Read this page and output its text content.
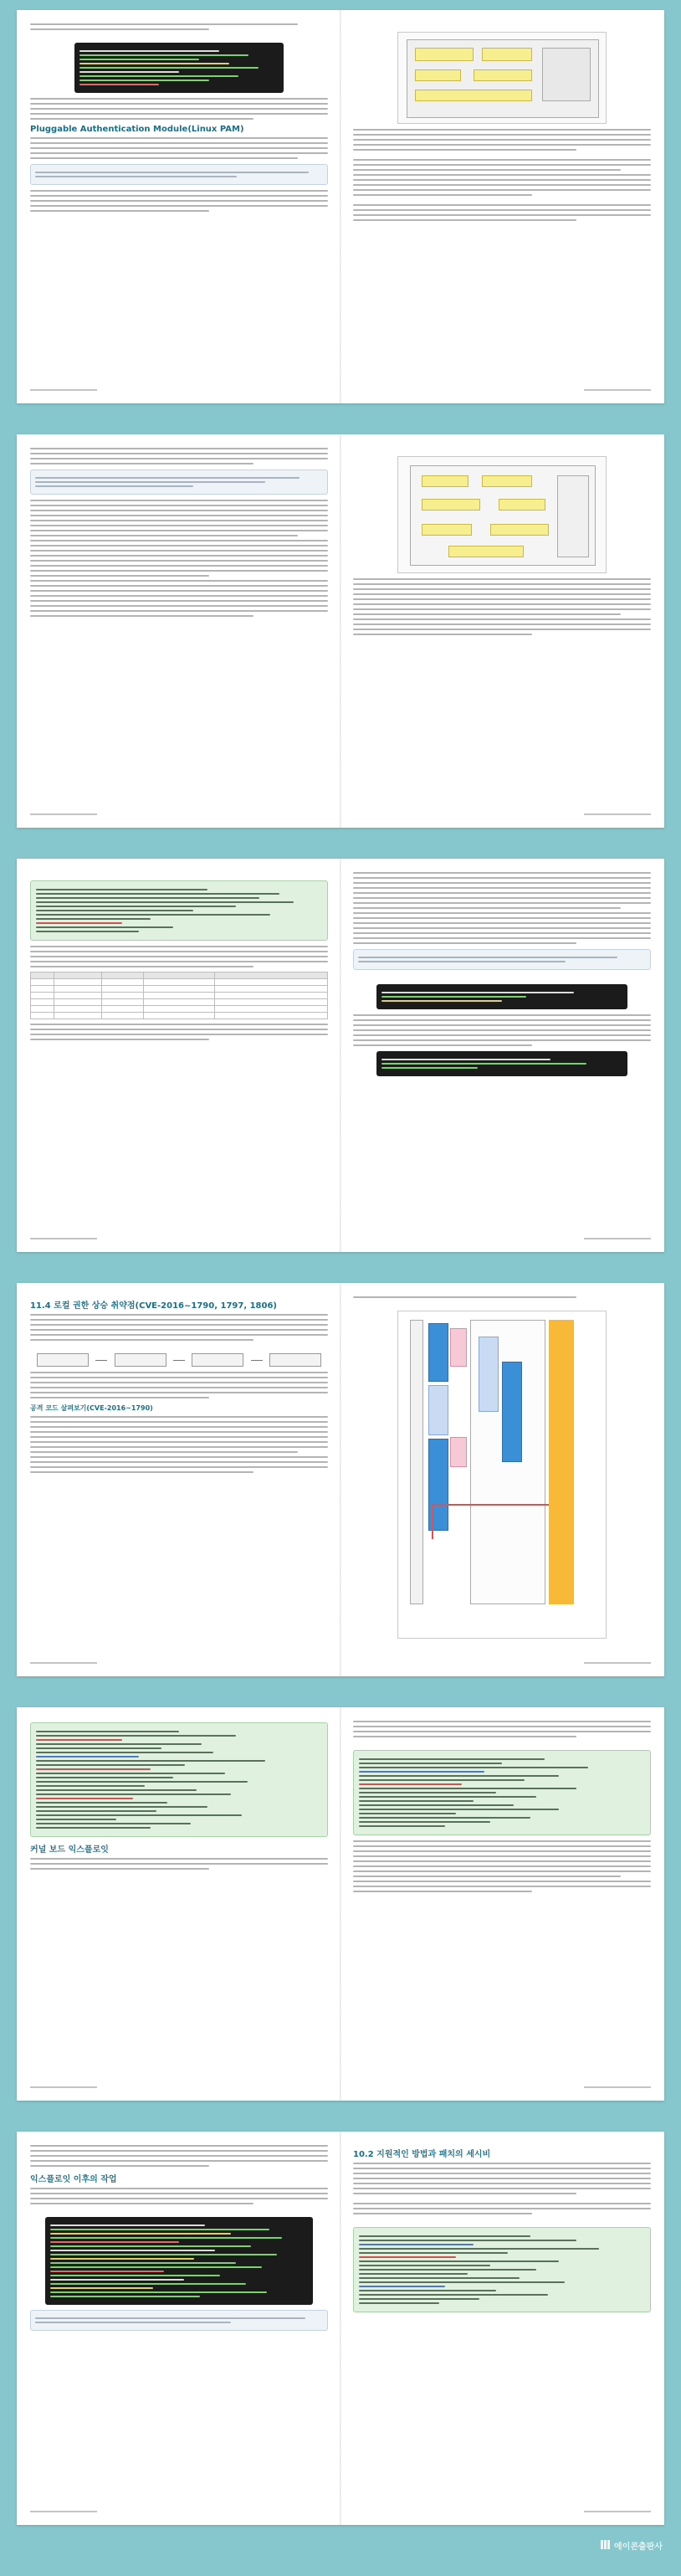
Pluggable Authentication Module(Linux PAM)

11.4 로컬 권한 상승 취약점(CVE-2016~1790, 1797, 1806)
공격 코드 살펴보기(CVE-2016~1790)
커널 보드 익스플로잇
익스플로잇 이후의 작업
10.2 지원적인 방법과 패치의 세시비
에이콘출판사
